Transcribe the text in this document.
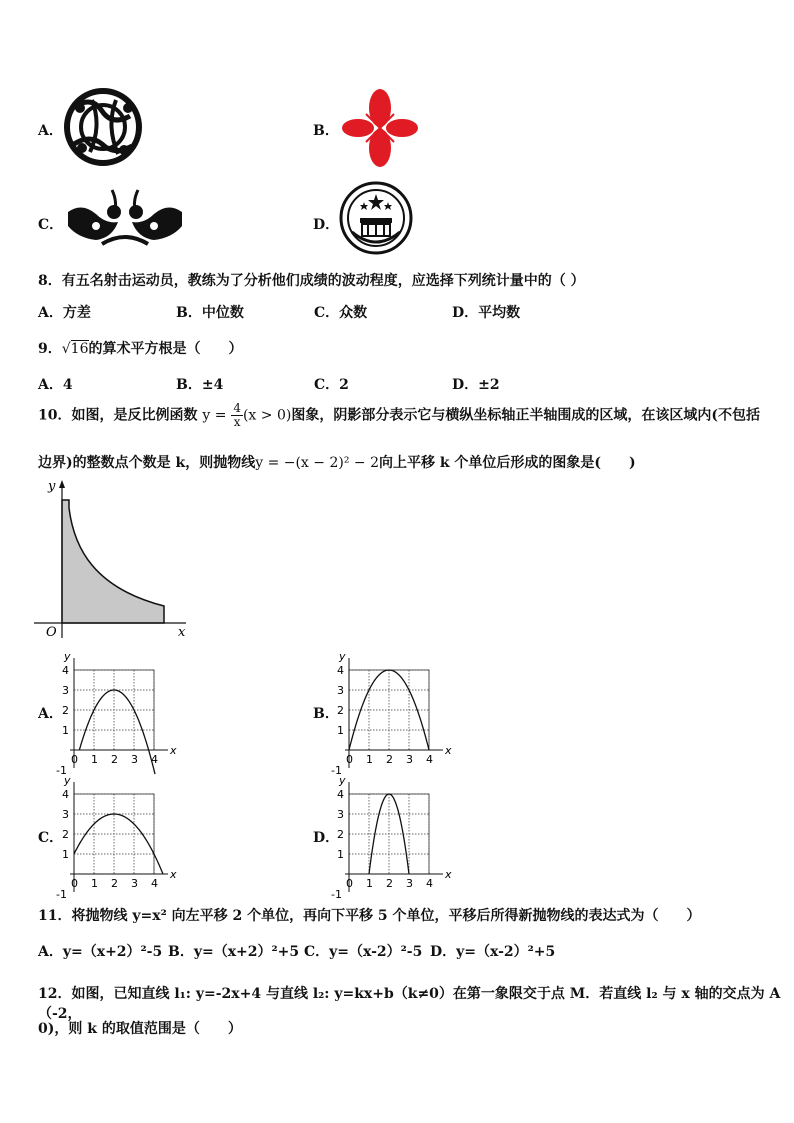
A．	B．
C．	D．
8．有五名射击运动员，教练为了分析他们成绩的波动程度，应选择下列统计量中的（ ）
A．方差	B．中位数	C．众数	D．平均数
9．√16的算术平方根是（　　）
A．4	B．±4	C．2	D．±2
10．如图，是反比例函数 $y = \frac{4}{x} (x > 0)$图象，阴影部分表示它与横纵坐标轴正半轴围成的区域，在该区域内(不包括
边界)的整数点个数是 k，则抛物线y = −(x − 2)² − 2向上平移 k 个单位后形成的图象是(　　)
y
x
O
A．	B．
C．	D．
x
y
0 1 2 3 4
4
3
2
1
-1
x
y
0 1 2 3 4
4
3
2
1
-1
x
y
0 1 2 3 4
4
3
2
1
-1
x
y
0 1 2 3 4
4
3
2
1
-1
11．将抛物线 y=x² 向左平移 2 个单位，再向下平移 5 个单位，平移后所得新抛物线的表达式为（　　）
A．y=（x+2）²-5 B．y=（x+2）²+5 C．y=（x-2）²-5 D．y=（x-2）²+5
12．如图，已知直线 l₁: y=-2x+4 与直线 l₂: y=kx+b（k≠0）在第一象限交于点 M．若直线 l₂ 与 x 轴的交点为 A（-2，
0)，则 k 的取值范围是（　　）
